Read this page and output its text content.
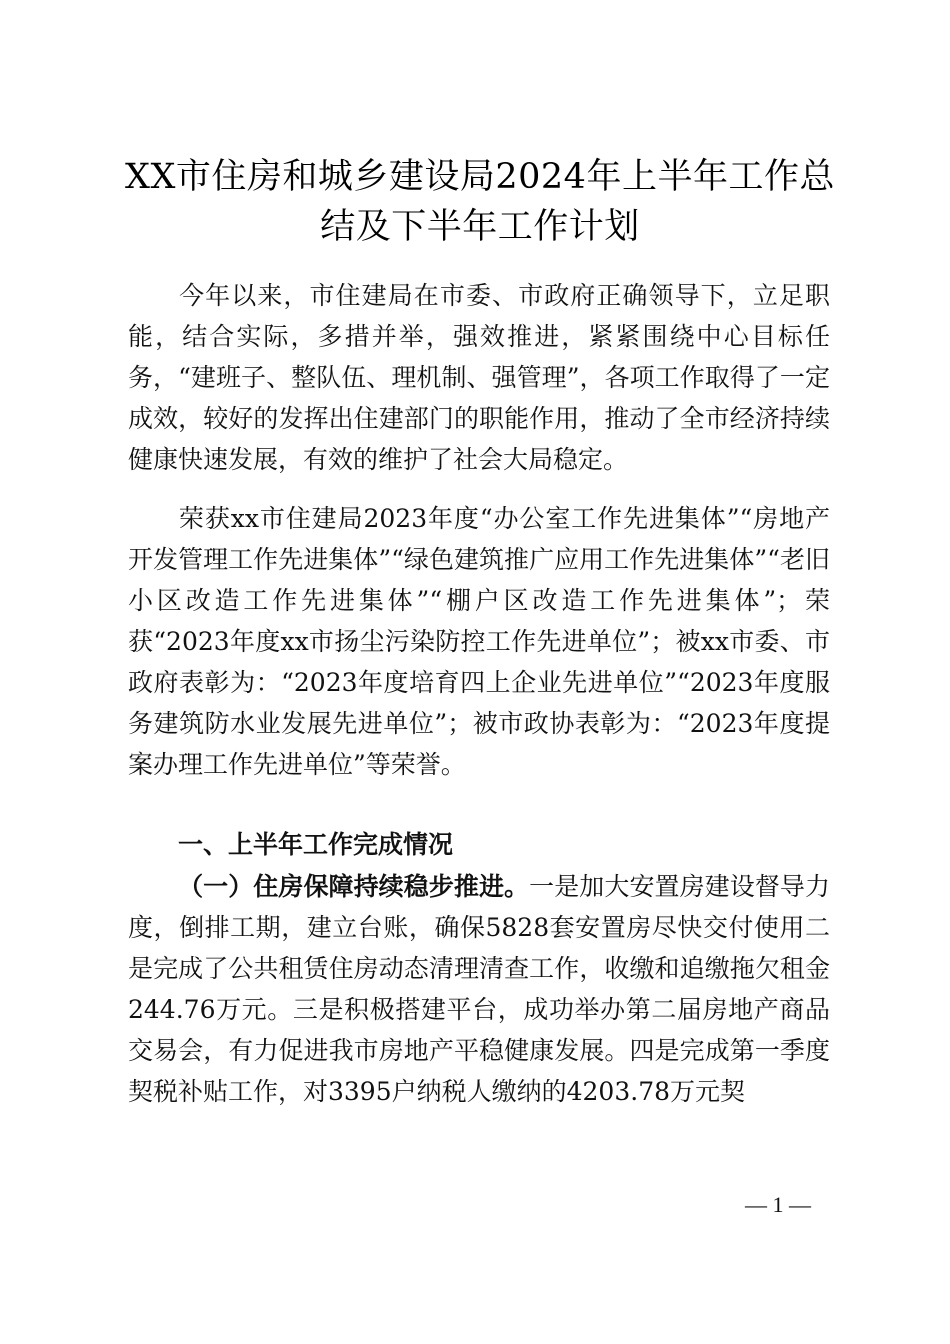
XX市住房和城乡建设局2024年上半年工作总结及下半年工作计划
今年以来，市住建局在市委、市政府正确领导下，立足职能，结合实际，多措并举，强效推进，紧紧围绕中心目标任务，“建班子、整队伍、理机制、强管理”，各项工作取得了一定成效，较好的发挥出住建部门的职能作用，推动了全市经济持续健康快速发展，有效的维护了社会大局稳定。
荣获xx市住建局2023年度“办公室工作先进集体”“房地产开发管理工作先进集体”“绿色建筑推广应用工作先进集体”“老旧小区改造工作先进集体”“棚户区改造工作先进集体”；荣获“2023年度xx市扬尘污染防控工作先进单位”；被xx市委、市政府表彰为：“2023年度培育四上企业先进单位”“2023年度服务建筑防水业发展先进单位”；被市政协表彰为：“2023年度提案办理工作先进单位”等荣誉。
一、上半年工作完成情况
（一）住房保障持续稳步推进。一是加大安置房建设督导力度，倒排工期，建立台账，确保5828套安置房尽快交付使用二是完成了公共租赁住房动态清理清查工作，收缴和追缴拖欠租金244.76万元。三是积极搭建平台，成功举办第二届房地产商品交易会，有力促进我市房地产平稳健康发展。四是完成第一季度契税补贴工作，对3395户纳税人缴纳的4203.78万元契
— 1 —
